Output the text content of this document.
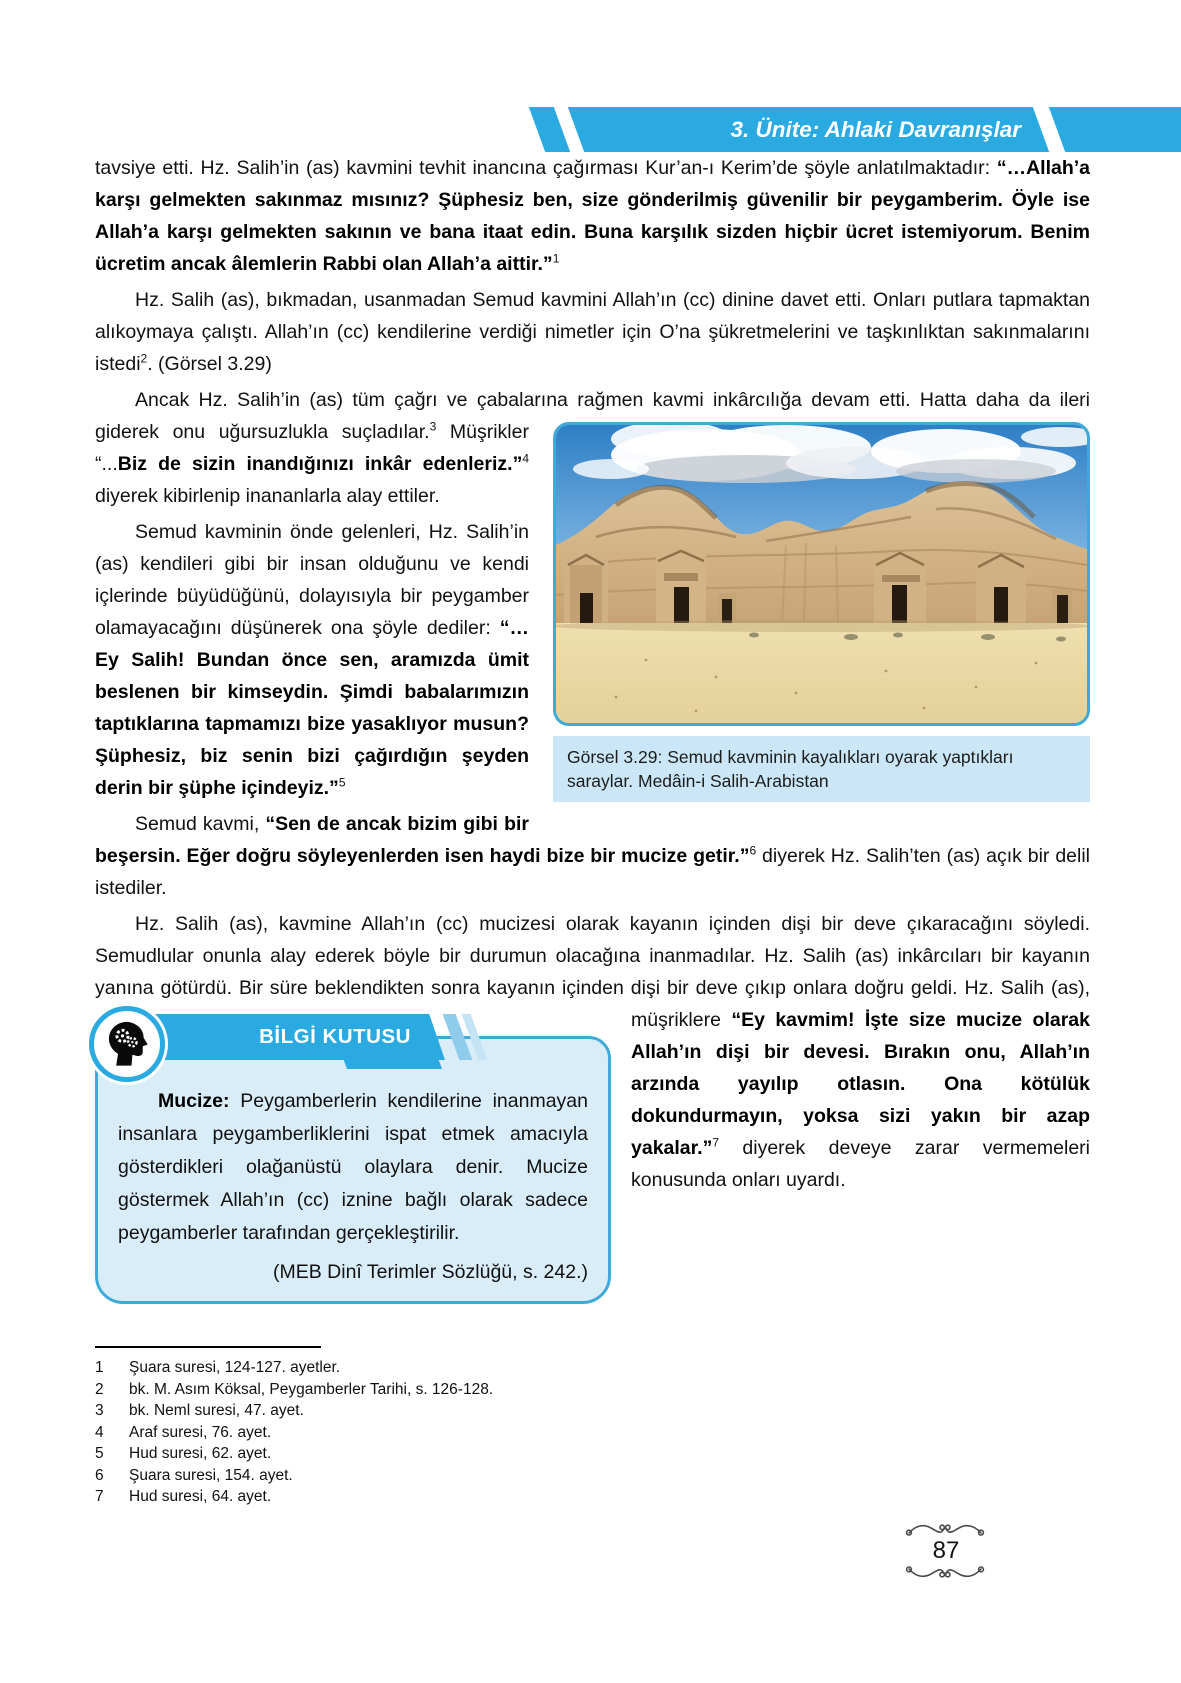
3. Ünite: Ahlaki Davranışlar
tavsiye etti. Hz. Salih’in (as) kavmini tevhit inancına çağırması Kur’an-ı Kerim’de şöyle anlatılmaktadır: “…Allah’a karşı gelmekten sakınmaz mısınız? Şüphesiz ben, size gönderilmiş güvenilir bir peygamberim. Öyle ise Allah’a karşı gelmekten sakının ve bana itaat edin. Buna karşılık sizden hiçbir ücret istemiyorum. Benim ücretim ancak âlemlerin Rabbi olan Allah’a aittir.”$^1$
Hz. Salih (as), bıkmadan, usanmadan Semud kavmini Allah’ın (cc) dinine davet etti. Onları putlara tapmaktan alıkoymaya çalıştı. Allah’ın (cc) kendilerine verdiği nimetler için O’na şükretmelerini ve taşkınlıktan sakınmalarını istedi$^2$. (Görsel 3.29)
Ancak Hz. Salih’in (as) tüm çağrı ve çabalarına rağmen kavmi inkârcılığa devam etti. Hatta daha da
Görsel 3.29: Semud kavminin kayalıkları oyarak yaptıkları saraylar. Medâin-i Salih-Arabistan
ileri giderek onu uğursuzlukla suçladılar.$^3$ Müşrikler “...Biz de sizin inandığınızı inkâr edenleriz.”$^4$ diyerek kibirlenip inananlarla alay ettiler.
Semud kavminin önde gelenleri, Hz. Salih’in (as) kendileri gibi bir insan olduğunu ve kendi içlerinde büyüdüğünü, dolayısıyla bir peygamber olamayacağını düşünerek ona şöyle dediler: “… Ey Salih! Bundan önce sen, aramızda ümit beslenen bir kimseydin. Şimdi babalarımızın taptıklarına tapmamızı bize yasaklıyor musun? Şüphesiz, biz senin bizi çağırdığın şeyden derin bir şüphe içindeyiz.”$^5$
Semud kavmi, “Sen de ancak bizim gibi bir beşersin. Eğer doğru söyleyenlerden isen haydi bize bir mucize getir.”$^6$ diyerek Hz. Salih’ten (as) açık bir delil istediler.
Hz. Salih (as), kavmine Allah’ın (cc) mucizesi olarak kayanın içinden dişi bir deve çıkaracağını söyledi. Semudlular onunla alay ederek böyle bir durumun olacağına inanmadılar. Hz. Salih (as) inkârcıları bir kayanın yanına götürdü. Bir süre beklendikten sonra kayanın içinden dişi bir deve çıkıp onlara
Mucize: Peygamberlerin kendilerine inanmayan insanlara peygamberliklerini ispat etmek amacıyla gösterdikleri olağanüstü olaylara denir. Mucize göstermek Allah’ın (cc) iznine bağlı olarak sadece peygamberler tarafından gerçekleştirilir.
(MEB Dinî Terimler Sözlüğü, s. 242.)
BİLGİ KUTUSU
doğru geldi. Hz. Salih (as), müşriklere “Ey kavmim! İşte size mucize olarak Allah’ın dişi bir devesi. Bırakın onu, Allah’ın arzında yayılıp otlasın. Ona kötülük dokundurmayın, yoksa sizi yakın bir azap yakalar.”$^7$ diyerek deveye zarar vermemeleri konusunda onları uyardı.
1	Şuara suresi, 124-127. ayetler.
2	bk. M. Asım Köksal, Peygamberler Tarihi, s. 126-128.
3	bk. Neml suresi, 47. ayet.
4	Araf suresi, 76. ayet.
5	Hud suresi, 62. ayet.
6	Şuara suresi, 154. ayet.
7	Hud suresi, 64. ayet.
87
